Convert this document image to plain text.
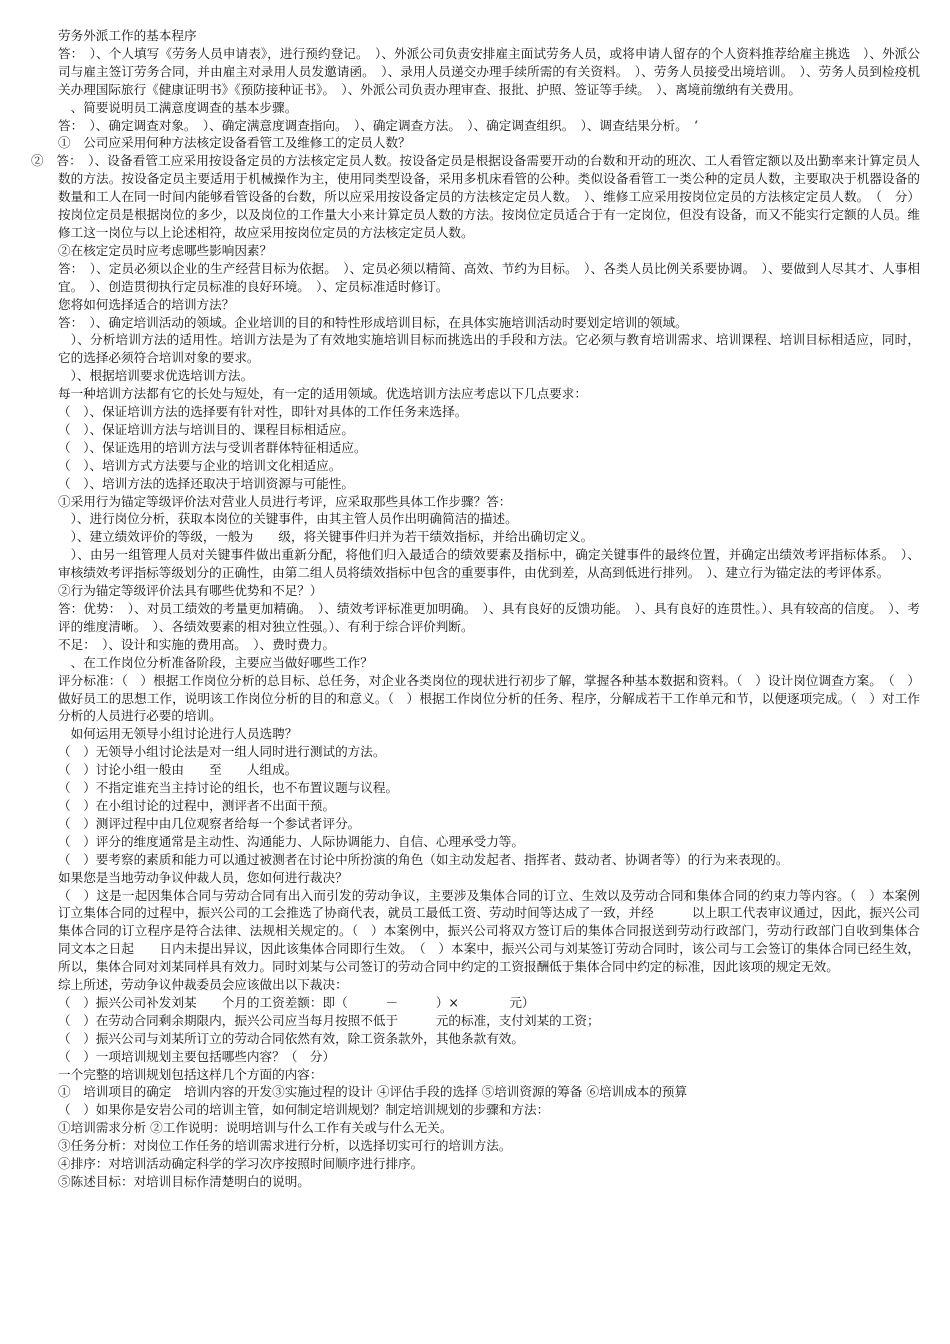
劳务外派工作的基本程序

答：　）、个人填写《劳务人员申请表》，进行预约登记。　）、外派公司负责安排雇主面试劳务人员，或将申请人留存的个人资料推荐给雇主挑选　）、外派公司与雇主签订劳务合同，并由雇主对录用人员发邀请函。　）、录用人员递交办理手续所需的有关资料。　）、劳务人员接受出境培训。　）、劳务人员到检疫机关办理国际旅行《健康证明书》《预防接种证书》。　）、外派公司负责办理审查、报批、护照、签证等手续。　）、离境前缴纳有关费用。

　、简要说明员工满意度调查的基本步骤。

答：　）、确定调查对象。　）、确定满意度调查指向。　）、确定调查方法。　）、确定调查组织。　）、调查结果分析。　‘

①　公司应采用何种方法核定设备看管工及维修工的定员人数？

②　答：　）、设备看管工应采用按设备定员的方法核定定员人数。按设备定员是根据设备需要开动的台数和开动的班次、工人看管定额以及出勤率来计算定员人数的方法。按设备定员主要适用于机械操作为主，使用同类型设备，采用多机床看管的公种。类似设备看管工一类公种的定员人数，主要取决于机器设备的数量和工人在同一时间内能够看管设备的台数，所以应采用按设备定员的方法核定定员人数。　）、维修工应采用按岗位定员的方法核定定员人数。　（　分）按岗位定员是根据岗位的多少，以及岗位的工作量大小来计算定员人数的方法。按岗位定员适合于有一定岗位，但没有设备，而又不能实行定额的人员。维修工这一岗位与以上论述相符，故应采用按岗位定员的方法核定定员人数。

②在核定定员时应考虑哪些影响因素？

答：　）、定员必须以企业的生产经营目标为依据。　）、定员必须以精简、高效、节约为目标。　）、各类人员比例关系要协调。　）、要做到人尽其才、人事相宜。　）、创造贯彻执行定员标准的良好环境。　）、定员标准适时修订。

您将如何选择适合的培训方法？

答：　）、确定培训活动的领域。企业培训的目的和特性形成培训目标，在具体实施培训活动时要划定培训的领域。

　）、分析培训方法的适用性。培训方法是为了有效地实施培训目标而挑选出的手段和方法。它必须与教育培训需求、培训课程、培训目标相适应，同时，它的选择必须符合培训对象的要求。

　）、根据培训要求优选培训方法。

每一种培训方法都有它的长处与短处，有一定的适用领域。优选培训方法应考虑以下几点要求：

（　）、保证培训方法的选择要有针对性，即针对具体的工作任务来选择。

（　）、保证培训方法与培训目的、课程目标相适应。

（　）、保证选用的培训方法与受训者群体特征相适应。

（　）、培训方式方法要与企业的培训文化相适应。

（　）、培训方法的选择还取决于培训资源与可能性。

①采用行为锚定等级评价法对营业人员进行考评，应采取那些具体工作步骤？答：

　）、进行岗位分析，获取本岗位的关键事件，由其主管人员作出明确简洁的描述。

　）、建立绩效评价的等级，一般为　　级，将关键事件归并为若干绩效指标，并给出确切定义。

　）、由另一组管理人员对关键事件做出重新分配，将他们归入最适合的绩效要素及指标中，确定关键事件的最终位置，并确定出绩效考评指标体系。　）、审核绩效考评指标等级划分的正确性，由第二组人员将绩效指标中包含的重要事件，由优到差，从高到低进行排列。　）、建立行为锚定法的考评体系。

②行为锚定等级评价法具有哪些优势和不足？）

答：优势：　）、对员工绩效的考量更加精确。　）、绩效考评标准更加明确。　）、具有良好的反馈功能。　）、具有良好的连贯性。）、具有较高的信度。　）、考评的维度清晰。　）、各绩效要素的相对独立性强。）、有利于综合评价判断。

不足：　）、设计和实施的费用高。　）、费时费力。

　、在工作岗位分析准备阶段，主要应当做好哪些工作？

评分标准：（　）根据工作岗位分析的总目标、总任务，对企业各类岗位的现状进行初步了解，掌握各种基本数据和资料。（　）设计岗位调查方案。　（　）做好员工的思想工作，说明该工作岗位分析的目的和意义。（　）根据工作岗位分析的任务、程序，分解成若干工作单元和节，以便逐项完成。（　）对工作分析的人员进行必要的培训。

　如何运用无领导小组讨论进行人员选聘？

（　）无领导小组讨论法是对一组人同时进行测试的方法。

（　）讨论小组一般由　　至　　人组成。

（　）不指定谁充当主持讨论的组长，也不布置议题与议程。

（　）在小组讨论的过程中，测评者不出面干预。

（　）测评过程中由几位观察者给每一个参试者评分。

（　）评分的维度通常是主动性、沟通能力、人际协调能力、自信、心理承受力等。

（　）要考察的素质和能力可以通过被测者在讨论中所扮演的角色（如主动发起者、指挥者、鼓动者、协调者等）的行为来表现的。

如果您是当地劳动争议仲裁人员，您如何进行裁决？

（　）这是一起因集体合同与劳动合同有出入而引发的劳动争议，主要涉及集体合同的订立、生效以及劳动合同和集体合同的约束力等内容。（　）本案例订立集体合同的过程中，振兴公司的工会推选了协商代表，就员工最低工资、劳动时间等达成了一致，并经　　　以上职工代表审议通过，因此，振兴公司集体合同的订立程序是符合法律、法规相关规定的。（　）本案例中，振兴公司将双方签订后的集体合同报送到劳动行政部门，劳动行政部门自收到集体合同文本之日起　　日内未提出异议，因此该集体合同即行生效。　（　）本案中，振兴公司与刘某签订劳动合同时，该公司与工会签订的集体合同已经生效，所以，集体合同对刘某同样具有效力。同时刘某与公司签订的劳动合同中约定的工资报酬低于集体合同中约定的标准，因此该项的规定无效。

综上所述，劳动争议仲裁委员会应该做出以下裁决：

（　）振兴公司补发刘某　　个月的工资差额：即（　　　－　　　）×　　　　元）

（　）在劳动合同剩余期限内，振兴公司应当每月按照不低于　　　元的标准，支付刘某的工资；

（　）振兴公司与刘某所订立的劳动合同依然有效，除工资条款外，其他条款有效。

（　）一项培训规划主要包括哪些内容？（　分）

一个完整的培训规划包括这样几个方面的内容：

①　培训项目的确定　培训内容的开发③实施过程的设计 ④评估手段的选择 ⑤培训资源的筹备 ⑥培训成本的预算

（　）如果你是安岩公司的培训主管，如何制定培训规划？制定培训规划的步骤和方法：

①培训需求分析 ②工作说明：说明培训与什么工作有关或与什么无关。

③任务分析：对岗位工作任务的培训需求进行分析，以选择切实可行的培训方法。

④排序：对培训活动确定科学的学习次序按照时间顺序进行排序。

⑤陈述目标：对培训目标作清楚明白的说明。
